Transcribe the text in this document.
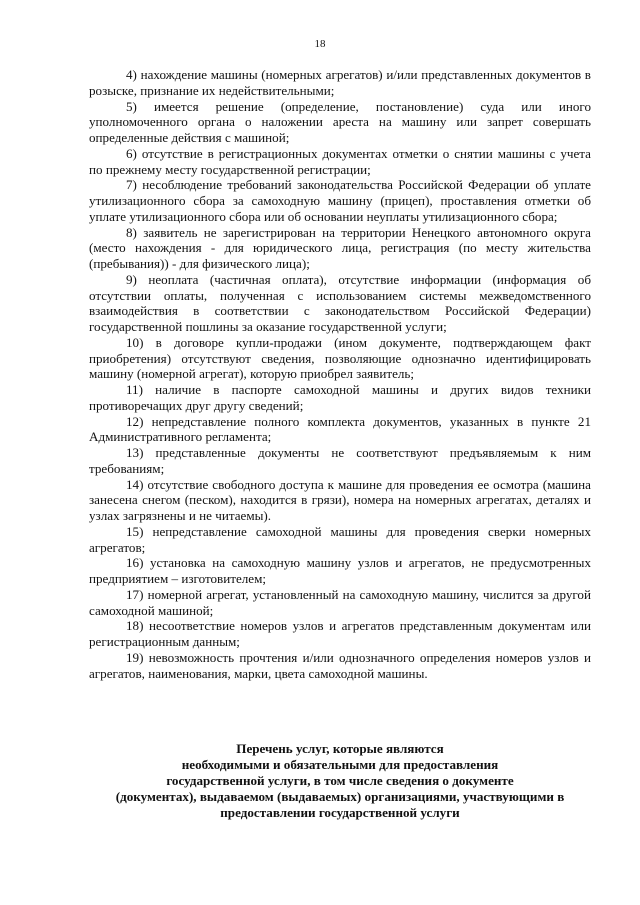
18

4) нахождение машины (номерных агрегатов) и/или представленных документов в розыске, признание их недействительными;

5) имеется решение (определение, постановление) суда или иного уполномоченного органа о наложении ареста на машину или запрет совершать определенные действия с машиной;

6) отсутствие в регистрационных документах отметки о снятии машины с учета по прежнему месту государственной регистрации;

7) несоблюдение требований законодательства Российской Федерации об уплате утилизационного сбора за самоходную машину (прицеп), проставления отметки об уплате утилизационного сбора или об основании неуплаты утилизационного сбора;

8) заявитель не зарегистрирован на территории Ненецкого автономного округа (место нахождения - для юридического лица, регистрация (по месту жительства (пребывания)) - для физического лица);

9) неоплата (частичная оплата), отсутствие информации (информация об отсутствии оплаты, полученная с использованием системы межведомственного взаимодействия в соответствии с законодательством Российской Федерации) государственной пошлины за оказание государственной услуги;

10) в договоре купли-продажи (ином документе, подтверждающем факт приобретения) отсутствуют сведения, позволяющие однозначно идентифицировать машину (номерной агрегат), которую приобрел заявитель;

11) наличие в паспорте самоходной машины и других видов техники противоречащих друг другу сведений;

12) непредставление полного комплекта документов, указанных в пункте 21 Административного регламента;

13) представленные документы не соответствуют предъявляемым к ним требованиям;

14) отсутствие свободного доступа к машине для проведения ее осмотра (машина занесена снегом (песком), находится в грязи), номера на номерных агрегатах, деталях и узлах загрязнены и не читаемы).

15) непредставление самоходной машины для проведения сверки номерных агрегатов;

16) установка на самоходную машину узлов и агрегатов, не предусмотренных предприятием – изготовителем;

17) номерной агрегат, установленный на самоходную машину, числится за другой самоходной машиной;

18) несоответствие номеров узлов и агрегатов представленным документам или регистрационным данным;

19) невозможность прочтения и/или однозначного определения номеров узлов и агрегатов, наименования, марки, цвета самоходной машины.

Перечень услуг, которые являются
необходимыми и обязательными для предоставления
государственной услуги, в том числе сведения о документе
(документах), выдаваемом (выдаваемых) организациями, участвующими в
предоставлении государственной услуги
